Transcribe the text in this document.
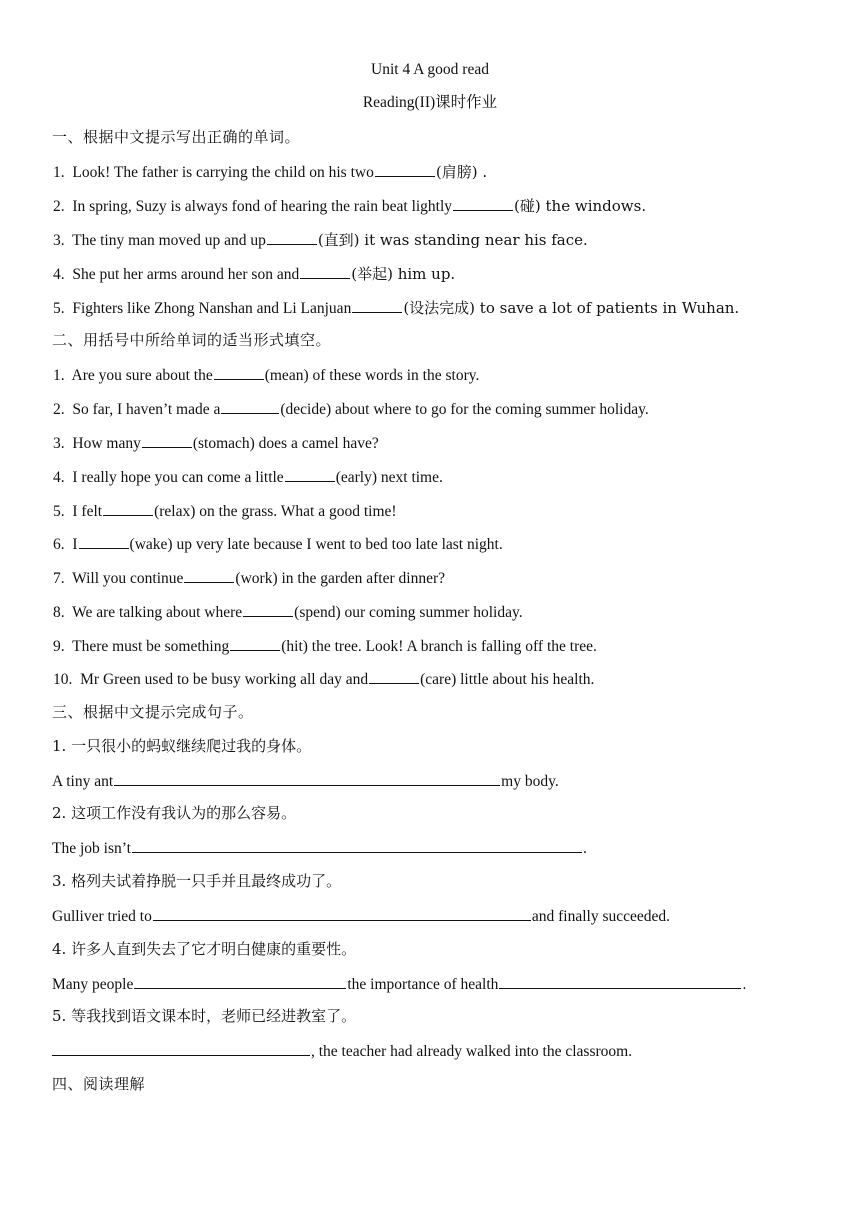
Unit 4 A good read
Reading(II)课时作业
一、根据中文提示写出正确的单词。
1. Look! The father is carrying the child on his two	(肩膀) .
2. In spring, Suzy is always fond of hearing the rain beat lightly	(碰) the windows.
3. The tiny man moved up and up	(直到) it was standing near his face.
4. She put her arms around her son and	(举起) him up.
5. Fighters like Zhong Nanshan and Li Lanjuan	(设法完成) to save a lot of patients in Wuhan.
二、用括号中所给单词的适当形式填空。
1. Are you sure about the	(mean) of these words in the story.
2. So far, I haven’t made a	(decide) about where to go for the coming summer holiday.
3. How many	(stomach) does a camel have?
4. I really hope you can come a little	(early) next time.
5. I felt	(relax) on the grass. What a good time!
6. I	(wake) up very late because I went to bed too late last night.
7. Will you continue	(work) in the garden after dinner?
8. We are talking about where	(spend) our coming summer holiday.
9. There must be something	(hit) the tree. Look! A branch is falling off the tree.
10. Mr Green used to be busy working all day and	(care) little about his health.
三、根据中文提示完成句子。
1. 一只很小的蚂蚁继续爬过我的身体。
A tiny ant	my body.
2. 这项工作没有我认为的那么容易。
The job isn’t	.
3. 格列夫试着挣脱一只手并且最终成功了。
Gulliver tried to	and finally succeeded.
4. 许多人直到失去了它才明白健康的重要性。
Many people	the importance of health	.
5. 等我找到语文课本时，老师已经进教室了。
, the teacher had already walked into the classroom.
四、阅读理解
